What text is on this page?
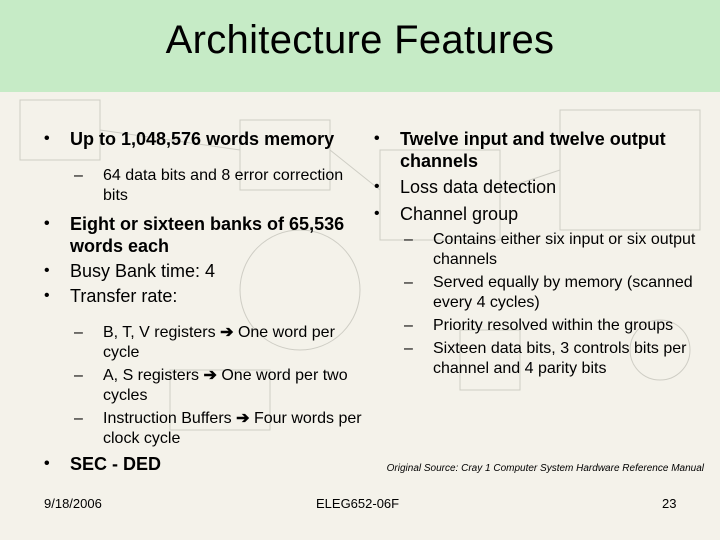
Architecture Features
• Up to 1,048,576 words memory
– 64 data bits and 8 error correction bits
• Eight or sixteen banks of 65,536 words each
• Busy Bank time: 4
• Transfer rate:
– B, T, V registers ➔ One word per cycle
– A, S registers ➔ One word per two cycles
– Instruction Buffers ➔ Four words per clock cycle
• SEC - DED
• Twelve input and twelve output channels
• Loss data detection
• Channel group
– Contains either six input or six output channels
– Served equally by memory (scanned every 4 cycles)
– Priority resolved within the groups
– Sixteen data bits, 3 controls bits per channel and 4 parity bits
Original Source: Cray 1 Computer System Hardware Reference Manual
9/18/2006	ELEG652-06F	23
